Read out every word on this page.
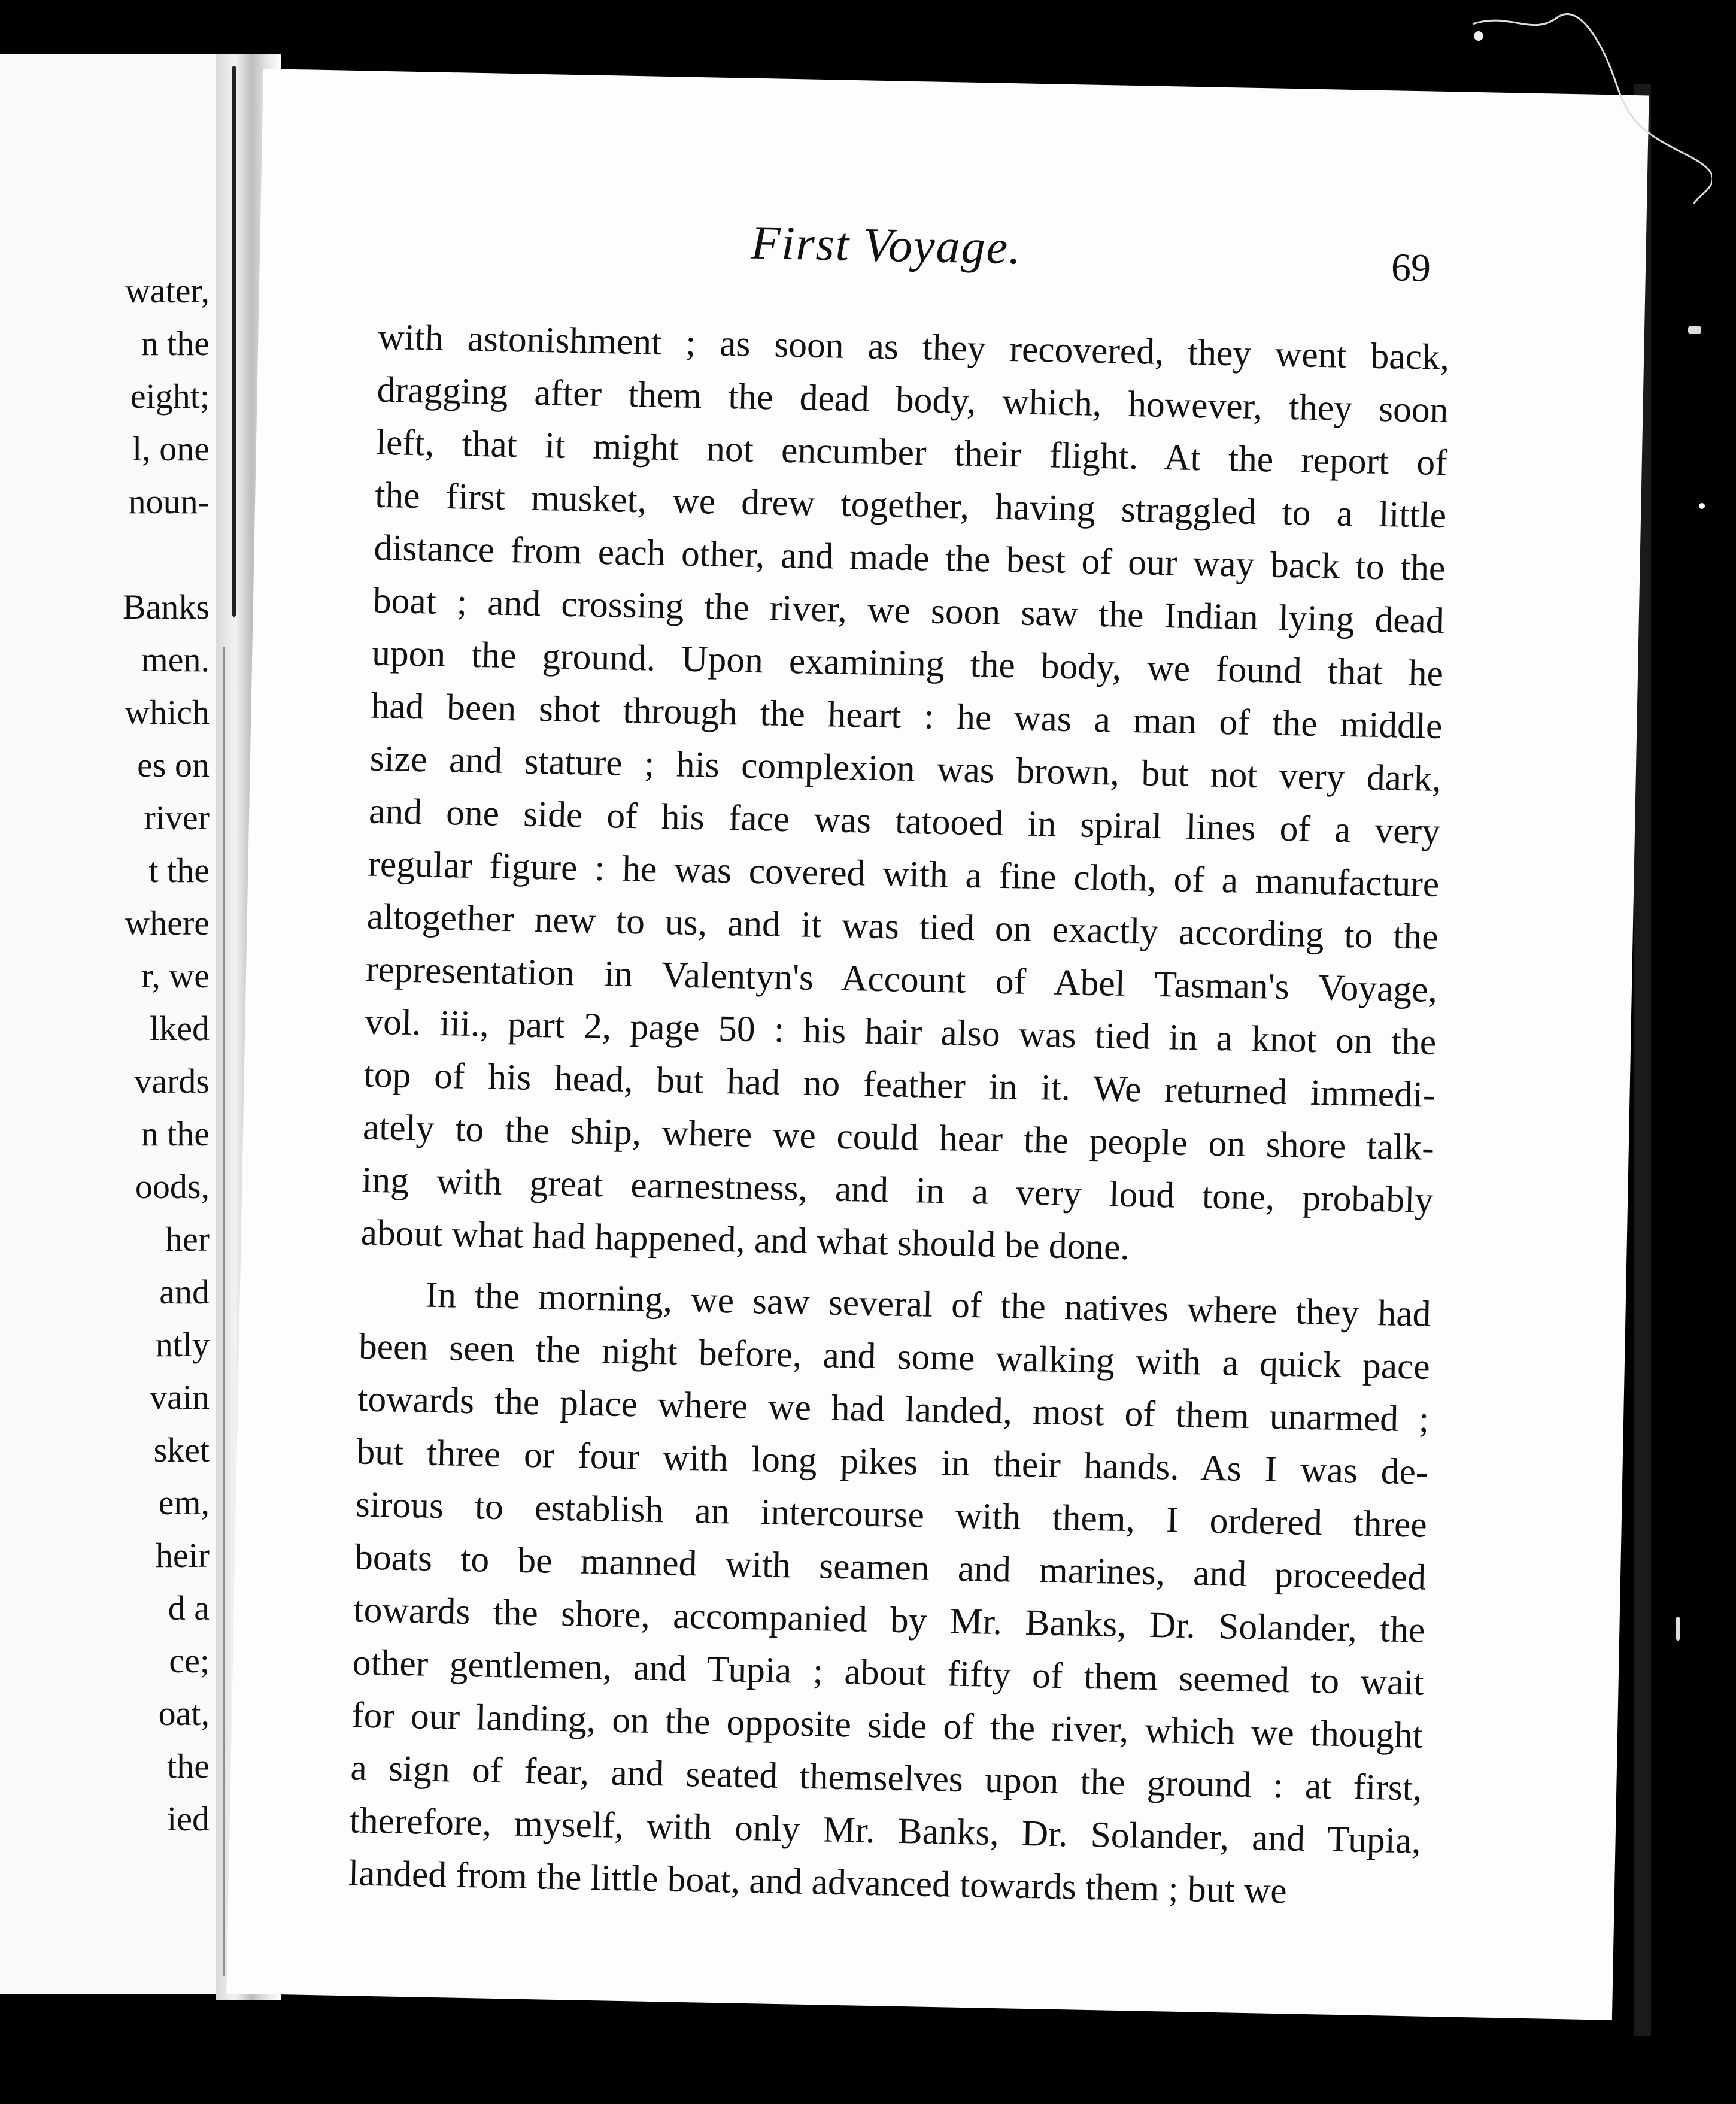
water,
n the
eight;
l, one
noun-
Banks
men.
which
es on
river
t the
where
r, we
lked
vards
n the
oods,
her
and
ntly
vain
sket
em,
heir
d a
ce;
oat,
the
ied
First Voyage.	69
with astonishment ; as soon as they recovered, they went back,
dragging after them the dead body, which, however, they soon
left, that it might not encumber their flight. At the report of
the first musket, we drew together, having straggled to a little
distance from each other, and made the best of our way back to the
boat ; and crossing the river, we soon saw the Indian lying dead
upon the ground. Upon examining the body, we found that he
had been shot through the heart : he was a man of the middle
size and stature ; his complexion was brown, but not very dark,
and one side of his face was tatooed in spiral lines of a very
regular figure : he was covered with a fine cloth, of a manufacture
altogether new to us, and it was tied on exactly according to the
representation in Valentyn's Account of Abel Tasman's Voyage,
vol. iii., part 2, page 50 : his hair also was tied in a knot on the
top of his head, but had no feather in it. We returned immedi-
ately to the ship, where we could hear the people on shore talk-
ing with great earnestness, and in a very loud tone, probably
about what had happened, and what should be done.
In the morning, we saw several of the natives where they had
been seen the night before, and some walking with a quick pace
towards the place where we had landed, most of them unarmed ;
but three or four with long pikes in their hands. As I was de-
sirous to establish an intercourse with them, I ordered three
boats to be manned with seamen and marines, and proceeded
towards the shore, accompanied by Mr. Banks, Dr. Solander, the
other gentlemen, and Tupia ; about fifty of them seemed to wait
for our landing, on the opposite side of the river, which we thought
a sign of fear, and seated themselves upon the ground : at first,
therefore, myself, with only Mr. Banks, Dr. Solander, and Tupia,
landed from the little boat, and advanced towards them ; but we
